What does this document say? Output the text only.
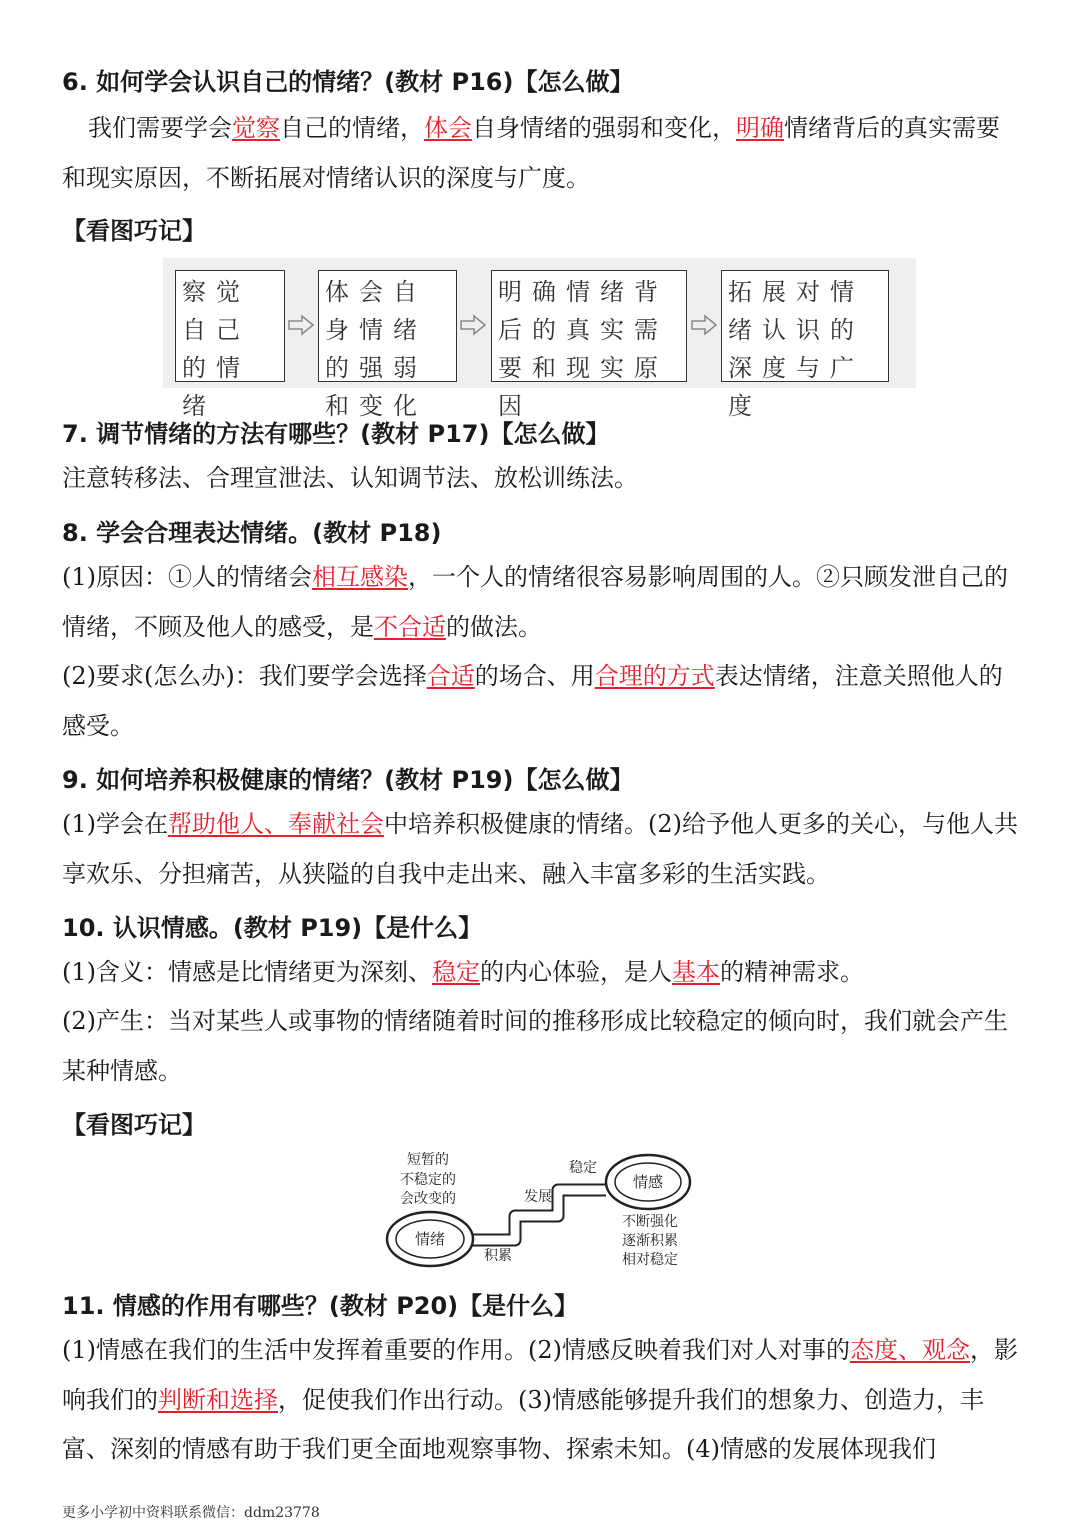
6. 如何学会认识自己的情绪？(教材 P16)【怎么做】
我们需要学会觉察自己的情绪，体会自身情绪的强弱和变化，明确情绪背后的真实需要和现实原因，不断拓展对情绪认识的深度与广度。
【看图巧记】
察觉自己的情绪
体会自身情绪的强弱和变化
明确情绪背后的真实需要和现实原因
拓展对情绪认识的深度与广度
7. 调节情绪的方法有哪些？(教材 P17)【怎么做】
注意转移法、合理宣泄法、认知调节法、放松训练法。
8. 学会合理表达情绪。(教材 P18)
(1)原因：①人的情绪会相互感染，一个人的情绪很容易影响周围的人。②只顾发泄自己的情绪，不顾及他人的感受，是不合适的做法。
(2)要求(怎么办)：我们要学会选择合适的场合、用合理的方式表达情绪，注意关照他人的感受。
9. 如何培养积极健康的情绪？(教材 P19)【怎么做】
(1)学会在帮助他人、奉献社会中培养积极健康的情绪。(2)给予他人更多的关心，与他人共享欢乐、分担痛苦，从狭隘的自我中走出来、融入丰富多彩的生活实践。
10. 认识情感。(教材 P19)【是什么】
(1)含义：情感是比情绪更为深刻、稳定的内心体验，是人基本的精神需求。
(2)产生：当对某些人或事物的情绪随着时间的推移形成比较稳定的倾向时，我们就会产生某种情感。
【看图巧记】
短暂的
不稳定的
会改变的
稳定
发展
积累
不断强化
逐渐积累
相对稳定
情绪
情感
11. 情感的作用有哪些？(教材 P20)【是什么】
(1)情感在我们的生活中发挥着重要的作用。(2)情感反映着我们对人对事的态度、观念，影响我们的判断和选择，促使我们作出行动。(3)情感能够提升我们的想象力、创造力，丰富、深刻的情感有助于我们更全面地观察事物、探索未知。(4)情感的发展体现我们
更多小学初中资料联系微信：ddm23778
